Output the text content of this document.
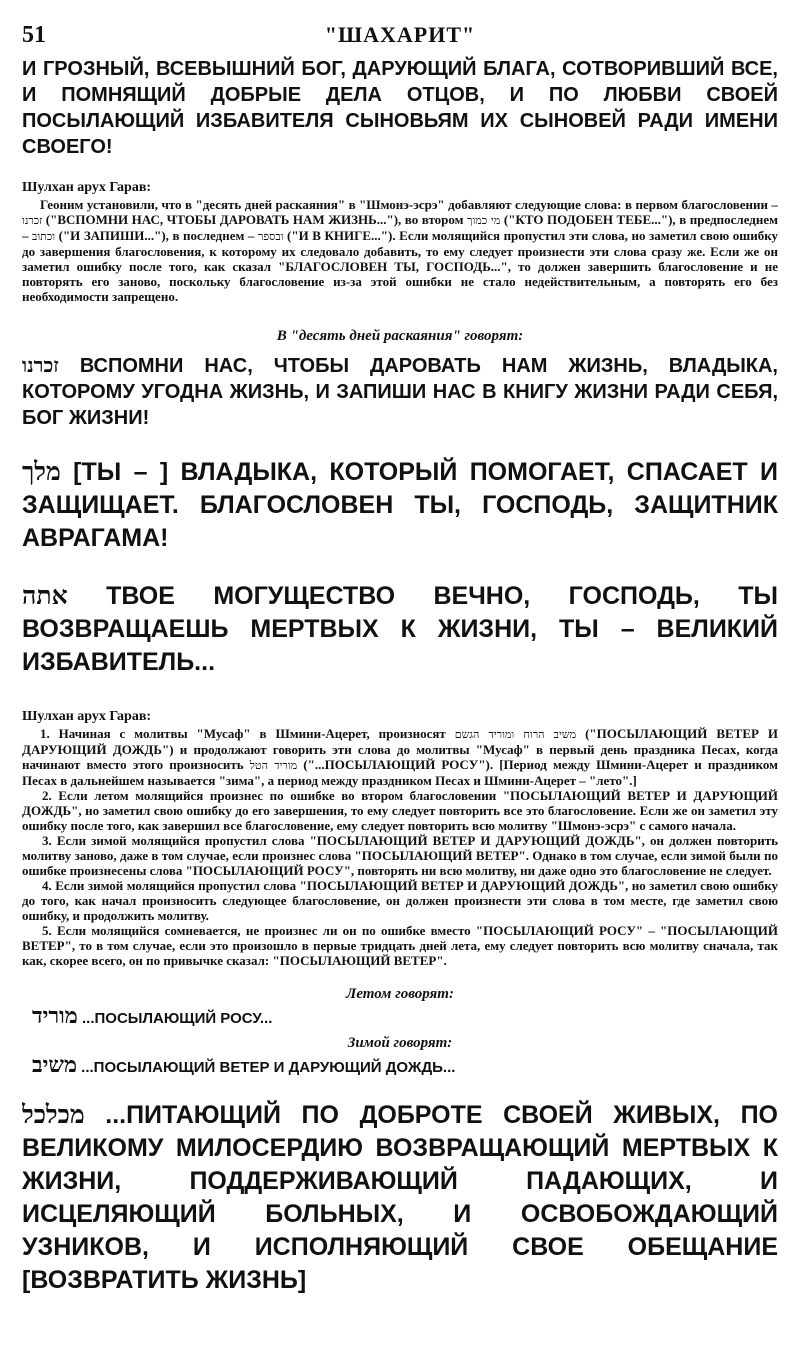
51	"ШАХАРИТ"

И ГРОЗНЫЙ, ВСЕВЫШНИЙ БОГ, ДАРУЮЩИЙ БЛАГА, СОТВОРИВШИЙ ВСЕ, И ПОМНЯЩИЙ ДОБРЫЕ ДЕЛА ОТЦОВ, И ПО ЛЮБВИ СВОЕЙ ПОСЫЛАЮЩИЙ ИЗБАВИТЕЛЯ СЫНОВЬЯМ ИХ СЫНОВЕЙ РАДИ ИМЕНИ СВОЕГО!

Шулхан арух Гарав:

Геоним установили, что в "десять дней раскаяния" в "Шмонэ-эсрэ" добавляют следующие слова: в первом благословении – זכרנו ("ВСПОМНИ НАС, ЧТОБЫ ДАРОВАТЬ НАМ ЖИЗНЬ..."), во втором מי כמוך ("КТО ПОДОБЕН ТЕБЕ..."), в предпоследнем – וכתוב ("И ЗАПИШИ..."), в последнем – ובספר ("И В КНИГЕ..."). Если молящийся пропустил эти слова, но заметил свою ошибку до завершения благословения, к которому их следовало добавить, то ему следует произнести эти слова сразу же. Если же он заметил ошибку после того, как сказал "БЛАГОСЛОВЕН ТЫ, ГОСПОДЬ...", то должен завершить благословение и не повторять его заново, поскольку благословение из-за этой ошибки не стало недействительным, а повторять его без необходимости запрещено.

В "десять дней раскаяния" говорят:

זכרנו ВСПОМНИ НАС, ЧТОБЫ ДАРОВАТЬ НАМ ЖИЗНЬ, ВЛАДЫКА, КОТОРОМУ УГОДНА ЖИЗНЬ, И ЗАПИШИ НАС В КНИГУ ЖИЗНИ РАДИ СЕБЯ, БОГ ЖИЗНИ!

מלך [ТЫ – ] ВЛАДЫКА, КОТОРЫЙ ПОМОГАЕТ, СПАСАЕТ И ЗАЩИЩАЕТ. БЛАГОСЛОВЕН ТЫ, ГОСПОДЬ, ЗАЩИТНИК АВРАГАМА!

אתה ТВОЕ МОГУЩЕСТВО ВЕЧНО, ГОСПОДЬ, ТЫ ВОЗВРАЩАЕШЬ МЕРТВЫХ К ЖИЗНИ, ТЫ – ВЕЛИКИЙ ИЗБАВИТЕЛЬ...

Шулхан арух Гарав:

1. Начиная с молитвы "Мусаф" в Шмини-Ацерет, произносят משיב הרוח ומוריד הגשם ("ПОСЫЛАЮЩИЙ ВЕТЕР И ДАРУЮЩИЙ ДОЖДЬ") и продолжают говорить эти слова до молитвы "Мусаф" в первый день праздника Песах, когда начинают вместо этого произносить מוריד הטל ("...ПОСЫЛАЮЩИЙ РОСУ"). [Период между Шмини-Ацерет и праздником Песах в дальнейшем называется "зима", а период между праздником Песах и Шмини-Ацерет – "лето".]

2. Если летом молящийся произнес по ошибке во втором благословении "ПОСЫЛАЮЩИЙ ВЕТЕР И ДАРУЮЩИЙ ДОЖДЬ", но заметил свою ошибку до его завершения, то ему следует повторить все это благословение. Если же он заметил эту ошибку после того, как завершил все благословение, ему следует повторить всю молитву "Шмонэ-эсрэ" с самого начала.

3. Если зимой молящийся пропустил слова "ПОСЫЛАЮЩИЙ ВЕТЕР И ДАРУЮЩИЙ ДОЖДЬ", он должен повторить молитву заново, даже в том случае, если произнес слова "ПОСЫЛАЮЩИЙ ВЕТЕР". Однако в том случае, если зимой были по ошибке произнесены слова "ПОСЫЛАЮЩИЙ РОСУ", повторять ни всю молитву, ни даже одно это благословение не следует.

4. Если зимой молящийся пропустил слова "ПОСЫЛАЮЩИЙ ВЕТЕР И ДАРУЮЩИЙ ДОЖДЬ", но заметил свою ошибку до того, как начал произносить следующее благословение, он должен произнести эти слова в том месте, где заметил свою ошибку, и продолжить молитву.

5. Если молящийся сомневается, не произнес ли он по ошибке вместо "ПОСЫЛАЮЩИЙ РОСУ" – "ПОСЫЛАЮЩИЙ ВЕТЕР", то в том случае, если это произошло в первые тридцать дней лета, ему следует повторить всю молитву сначала, так как, скорее всего, он по привычке сказал: "ПОСЫЛАЮЩИЙ ВЕТЕР".

Летом говорят:

מוריד ...ПОСЫЛАЮЩИЙ РОСУ...

Зимой говорят:

משיב ...ПОСЫЛАЮЩИЙ ВЕТЕР И ДАРУЮЩИЙ ДОЖДЬ...

מכלכל ...ПИТАЮЩИЙ ПО ДОБРОТЕ СВОЕЙ ЖИВЫХ, ПО ВЕЛИКОМУ МИЛОСЕРДИЮ ВОЗВРАЩАЮЩИЙ МЕРТВЫХ К ЖИЗНИ, ПОДДЕРЖИВАЮЩИЙ ПАДАЮЩИХ, И ИСЦЕЛЯЮЩИЙ БОЛЬНЫХ, И ОСВОБОЖДАЮЩИЙ УЗНИКОВ, И ИСПОЛНЯЮЩИЙ СВОЕ ОБЕЩАНИЕ [ВОЗВРАТИТЬ ЖИЗНЬ]
